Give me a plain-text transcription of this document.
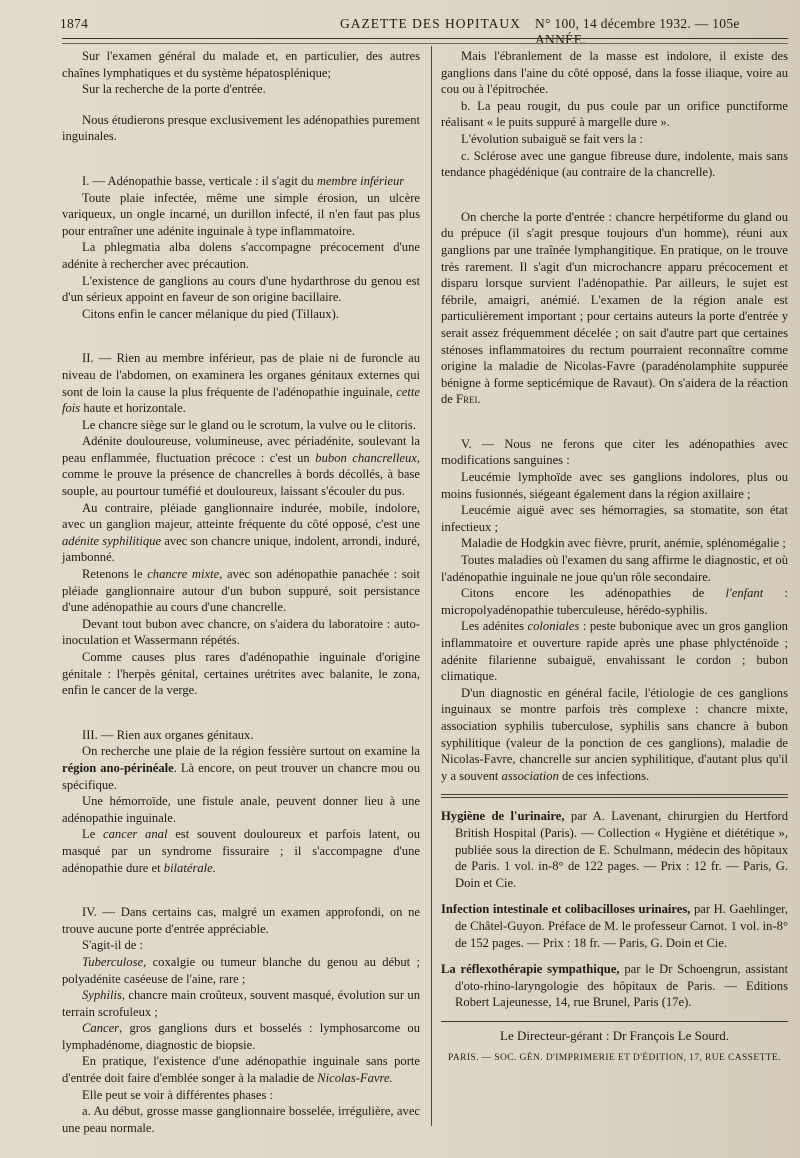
1874	GAZETTE DES HOPITAUX N° 100, 14 décembre 1932. — 105e ANNÉE.

Sur l'examen général du malade et, en particulier, des autres chaînes lymphatiques et du système hépatosplénique;

Sur la recherche de la porte d'entrée.

Nous étudierons presque exclusivement les adénopathies purement inguinales.

I. — Adénopathie basse, verticale : il s'agit du membre inférieur

Toute plaie infectée, même une simple érosion, un ulcère variqueux, un ongle incarné, un durillon infecté, il n'en faut pas plus pour entraîner une adénite inguinale à type inflammatoire.

La phlegmatia alba dolens s'accompagne précocement d'une adénite à rechercher avec précaution.

L'existence de ganglions au cours d'une hydarthrose du genou est d'un sérieux appoint en faveur de son origine bacillaire.

Citons enfin le cancer mélanique du pied (Tillaux).

II. — Rien au membre inférieur, pas de plaie ni de furoncle au niveau de l'abdomen, on examinera les organes génitaux externes qui sont de loin la cause la plus fréquente de l'adénopathie inguinale, cette fois haute et horizontale.

Le chancre siège sur le gland ou le scrotum, la vulve ou le clitoris.

Adénite douloureuse, volumineuse, avec périadénite, soulevant la peau enflammée, fluctuation précoce : c'est un bubon chancrelleux, comme le prouve la présence de chancrelles à bords décollés, à base souple, au pourtour tuméfié et douloureux, laissant s'écouler du pus.

Au contraire, pléiade ganglionnaire indurée, mobile, indolore, avec un ganglion majeur, atteinte fréquente du côté opposé, c'est une adénite syphilitique avec son chancre unique, indolent, arrondi, induré, jambonné.

Retenons le chancre mixte, avec son adénopathie panachée : soit pléiade ganglionnaire autour d'un bubon suppuré, soit persistance d'une adénopathie au cours d'une chancrelle.

Devant tout bubon avec chancre, on s'aidera du laboratoire : auto-inoculation et Wassermann répétés.

Comme causes plus rares d'adénopathie inguinale d'origine génitale : l'herpès génital, certaines urétrites avec balanite, le zona, enfin le cancer de la verge.

III. — Rien aux organes génitaux.

On recherche une plaie de la région fessière surtout on examine la région ano-périnéale. Là encore, on peut trouver un chancre mou ou spécifique.

Une hémorroïde, une fistule anale, peuvent donner lieu à une adénopathie inguinale.

Le cancer anal est souvent douloureux et parfois latent, ou masqué par un syndrome fissuraire ; il s'accompagne d'une adénopathie dure et bilatérale.

IV. — Dans certains cas, malgré un examen approfondi, on ne trouve aucune porte d'entrée appréciable.

S'agit-il de :

Tuberculose, coxalgie ou tumeur blanche du genou au début ; polyadénite caséeuse de l'aine, rare ;

Syphilis, chancre main croûteux, souvent masqué, évolution sur un terrain scrofuleux ;

Cancer, gros ganglions durs et bosselés : lymphosarcome ou lymphadénome, diagnostic de biopsie.

En pratique, l'existence d'une adénopathie inguinale sans porte d'entrée doit faire d'emblée songer à la maladie de Nicolas-Favre.

Elle peut se voir à différentes phases :

a. Au début, grosse masse ganglionnaire bosselée, irrégulière, avec une peau normale.

Mais l'ébranlement de la masse est indolore, il existe des ganglions dans l'aine du côté opposé, dans la fosse iliaque, voire au cou ou à l'épitrochée.

b. La peau rougit, du pus coule par un orifice punctiforme réalisant « le puits suppuré à margelle dure ».

L'évolution subaiguë se fait vers la :

c. Sclérose avec une gangue fibreuse dure, indolente, mais sans tendance phagédénique (au contraire de la chancrelle).

On cherche la porte d'entrée : chancre herpétiforme du gland ou du prépuce (il s'agit presque toujours d'un homme), réuni aux ganglions par une traînée lymphangitique. En pratique, on le trouve très rarement. Il s'agit d'un microchancre apparu précocement et disparu lorsque survient l'adénopathie. Par ailleurs, le sujet est fébrile, amaigri, anémié. L'examen de la région anale est particulièrement important ; pour certains auteurs la porte d'entrée y serait assez fréquemment décelée ; on sait d'autre part que certaines sténoses inflammatoires du rectum pourraient reconnaître comme origine la maladie de Nicolas-Favre (paradénolamphite suppurée bénigne à forme septicémique de Ravaut). On s'aidera de la réaction de Frei.

V. — Nous ne ferons que citer les adénopathies avec modifications sanguines :

Leucémie lymphoïde avec ses ganglions indolores, plus ou moins fusionnés, siégeant également dans la région axillaire ;

Leucémie aiguë avec ses hémorragies, sa stomatite, son état infectieux ;

Maladie de Hodgkin avec fièvre, prurit, anémie, splénomégalie ;

Toutes maladies où l'examen du sang affirme le diagnostic, et où l'adénopathie inguinale ne joue qu'un rôle secondaire.

Citons encore les adénopathies de l'enfant : micropolyadénopathie tuberculeuse, hérédo-syphilis.

Les adénites coloniales : peste bubonique avec un gros ganglion inflammatoire et ouverture rapide après une phase phlycténoïde ; adénite filarienne subaiguë, envahissant le cordon ; bubon climatique.

D'un diagnostic en général facile, l'étiologie de ces ganglions inguinaux se montre parfois très complexe : chancre mixte, association syphilis tuberculose, syphilis sans chancre à bubon syphilitique (valeur de la ponction de ces ganglions), maladie de Nicolas-Favre, chancrelle sur ancien syphilitique, d'autant plus qu'il y a souvent association de ces infections.

Hygiène de l'urinaire, par A. Lavenant, chirurgien du Hertford British Hospital (Paris). — Collection « Hygiène et diététique », publiée sous la direction de E. Schulmann, médecin des hôpitaux de Paris. 1 vol. in-8° de 122 pages. — Prix : 12 fr. — Paris, G. Doin et Cie.

Infection intestinale et colibacilloses urinaires, par H. Gaehlinger, de Châtel-Guyon. Préface de M. le professeur Carnot. 1 vol. in-8° de 152 pages. — Prix : 18 fr. — Paris, G. Doin et Cie.

La réflexothérapie sympathique, par le Dr Schoengrun, assistant d'oto-rhino-laryngologie des hôpitaux de Paris. — Editions Robert Lajeunesse, 14, rue Brunel, Paris (17e).

Le Directeur-gérant : Dr François Le Sourd.
PARIS. — SOC. GÉN. D'IMPRIMERIE ET D'ÉDITION, 17, RUE CASSETTE.
